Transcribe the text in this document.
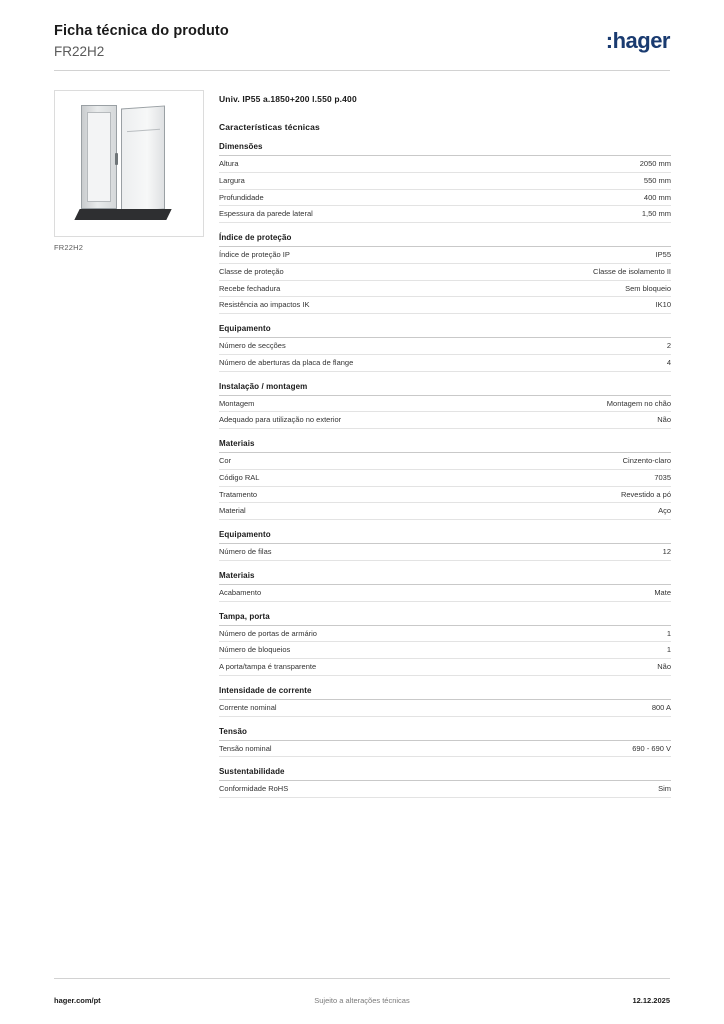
Ficha técnica do produto
FR22H2	:hager
FR22H2
Univ. IP55 a.1850+200 l.550 p.400
Características técnicas
Dimensões
Altura	2050 mm
Largura	550 mm
Profundidade	400 mm
Espessura da parede lateral	1,50 mm
Índice de proteção
Índice de proteção IP	IP55
Classe de proteção	Classe de isolamento II
Recebe fechadura	Sem bloqueio
Resistência ao impactos IK	IK10
Equipamento
Número de secções	2
Número de aberturas da placa de flange	4
Instalação / montagem
Montagem	Montagem no chão
Adequado para utilização no exterior	Não
Materiais
Cor	Cinzento-claro
Código RAL	7035
Tratamento	Revestido a pó
Material	Aço
Equipamento
Número de filas	12
Materiais
Acabamento	Mate
Tampa, porta
Número de portas de armário	1
Número de bloqueios	1
A porta/tampa é transparente	Não
Intensidade de corrente
Corrente nominal	800 A
Tensão
Tensão nominal	690 - 690 V
Sustentabilidade
Conformidade RoHS	Sim
hager.com/pt	Sujeito a alterações técnicas	12.12.2025
